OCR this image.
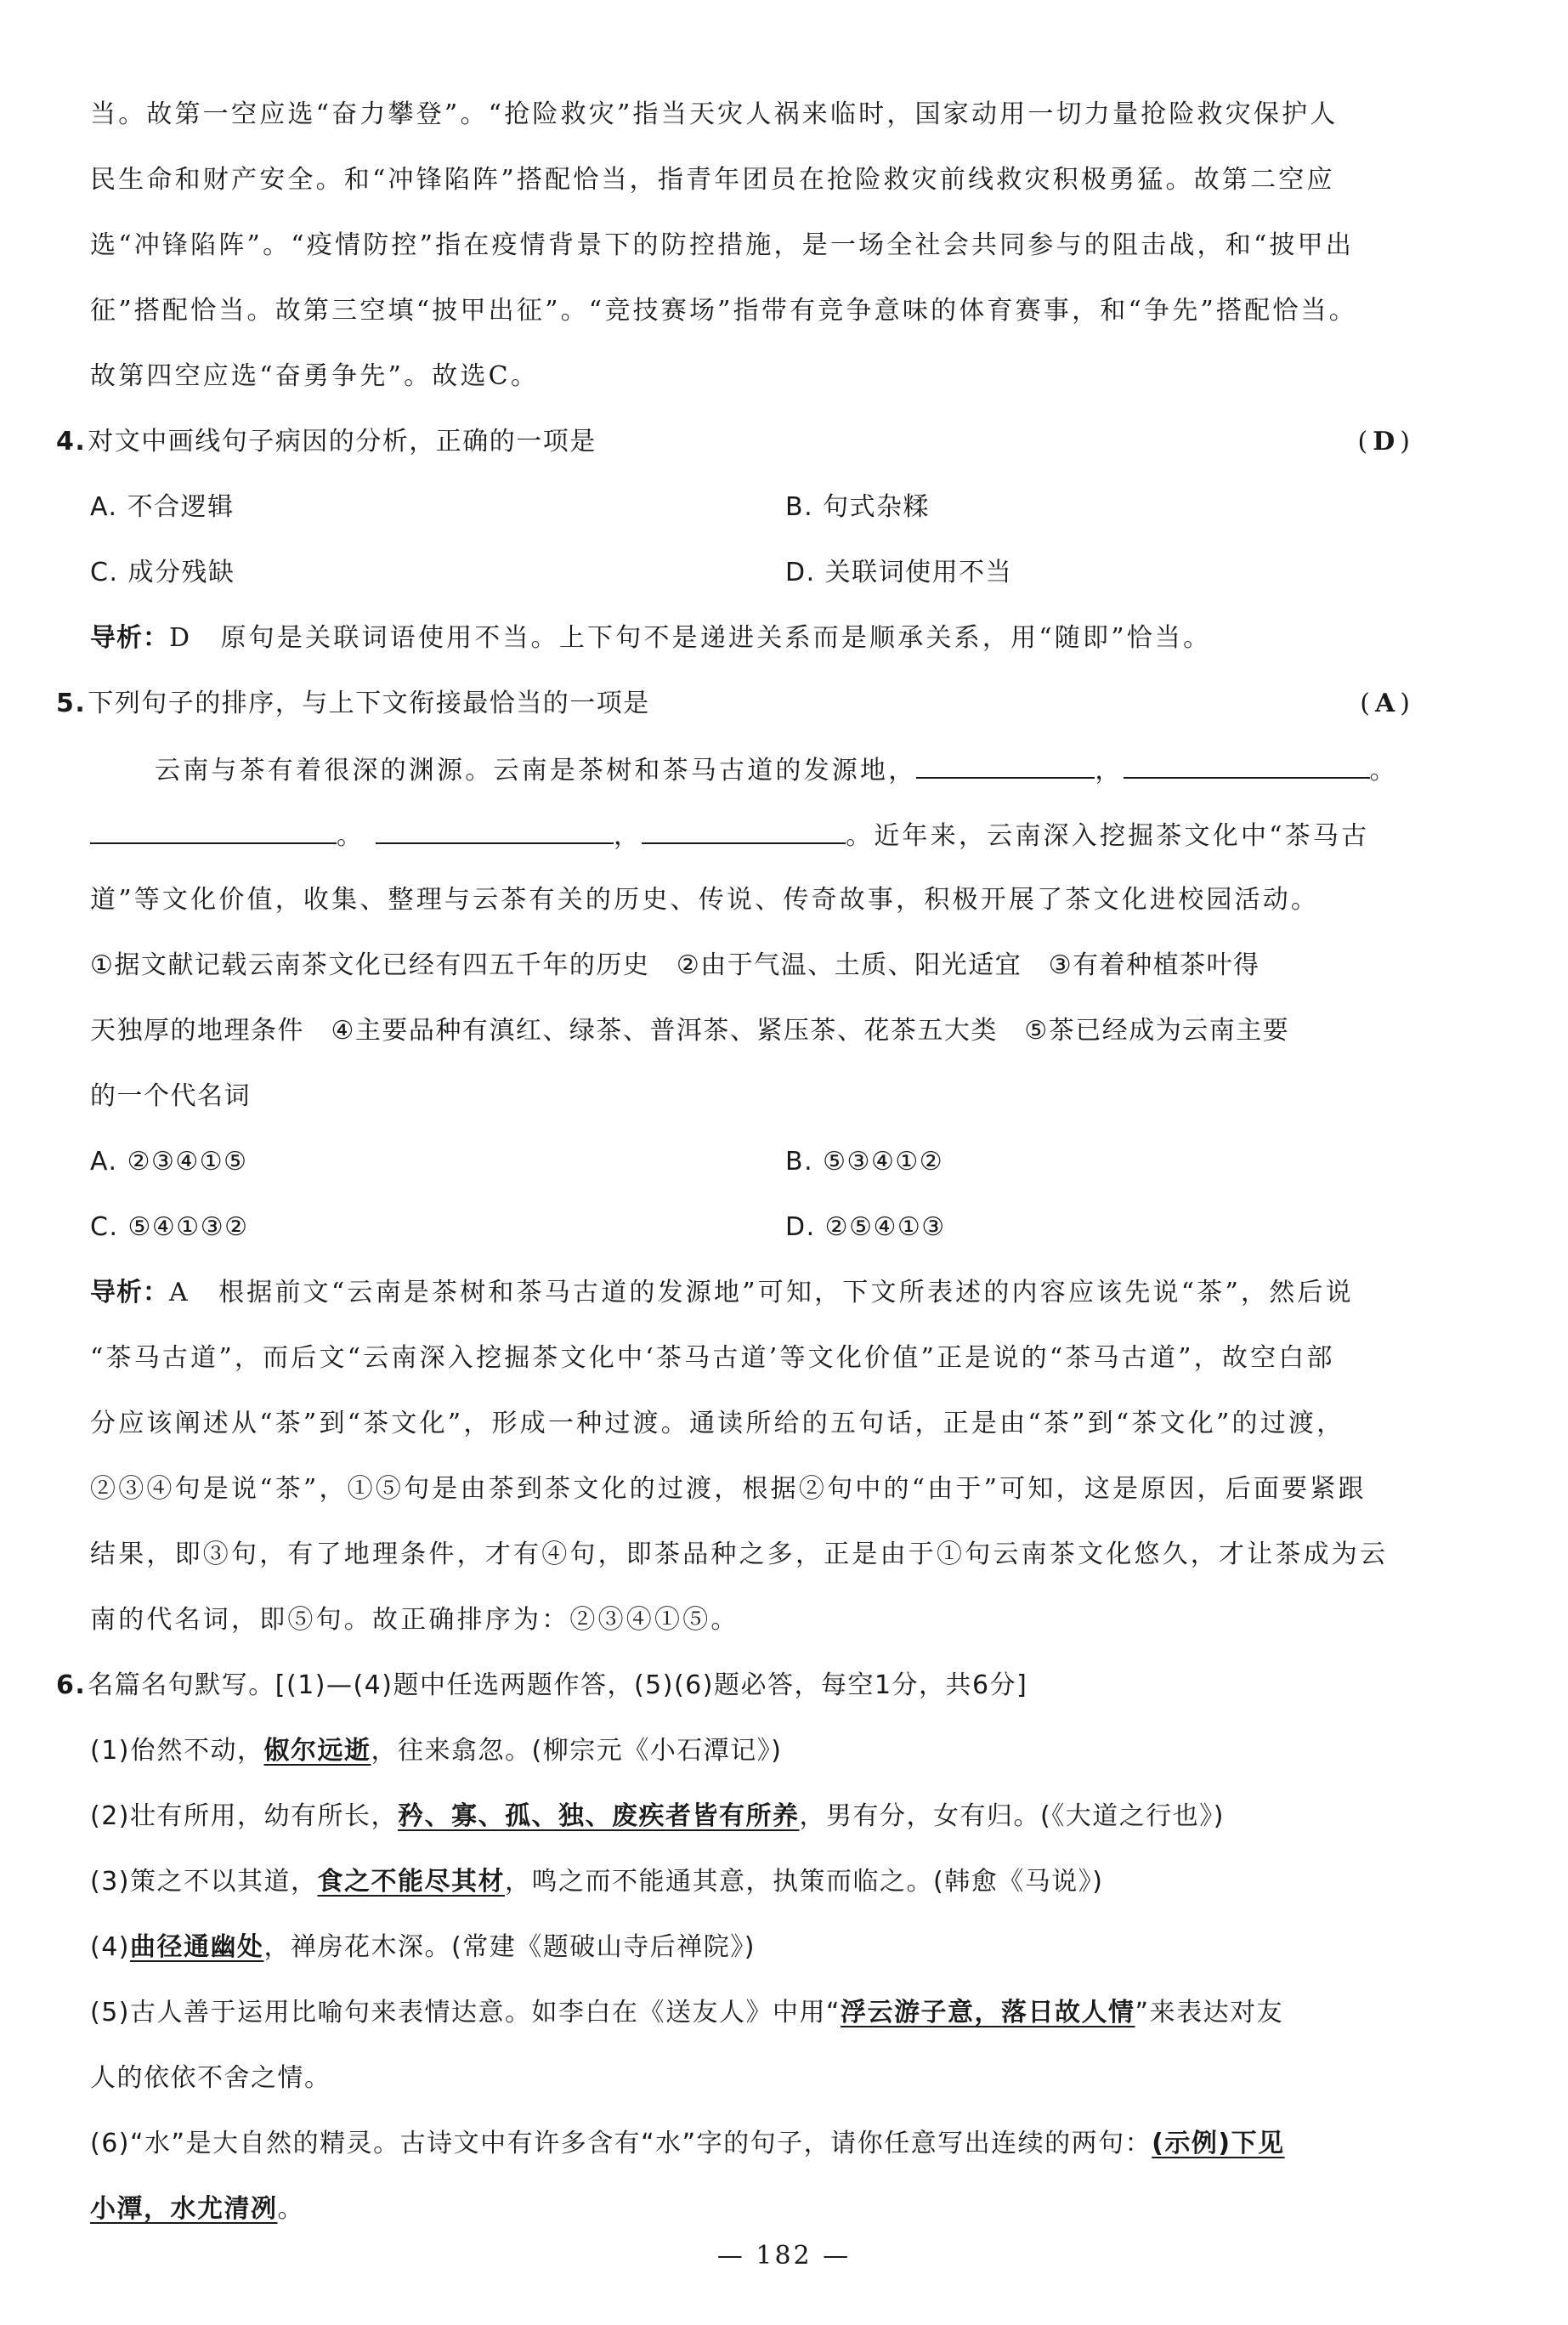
当。故第一空应选“奋力攀登”。“抢险救灾”指当天灾人祸来临时，国家动用一切力量抢险救灾保护人
民生命和财产安全。和“冲锋陷阵”搭配恰当，指青年团员在抢险救灾前线救灾积极勇猛。故第二空应
选“冲锋陷阵”。“疫情防控”指在疫情背景下的防控措施，是一场全社会共同参与的阻击战，和“披甲出
征”搭配恰当。故第三空填“披甲出征”。“竞技赛场”指带有竞争意味的体育赛事，和“争先”搭配恰当。
故第四空应选“奋勇争先”。故选C。
4.对文中画线句子病因的分析，正确的一项是	(D)
A. 不合逻辑	B. 句式杂糅
C. 成分残缺	D. 关联词使用不当
导析：D　原句是关联词语使用不当。上下句不是递进关系而是顺承关系，用“随即”恰当。
5.下列句子的排序，与上下文衔接最恰当的一项是	(A)
云南与茶有着很深的渊源。云南是茶树和茶马古道的发源地，	，	。
。	，	。近年来，云南深入挖掘茶文化中“茶马古
道”等文化价值，收集、整理与云茶有关的历史、传说、传奇故事，积极开展了茶文化进校园活动。
①据文献记载云南茶文化已经有四五千年的历史　②由于气温、土质、阳光适宜　③有着种植茶叶得
天独厚的地理条件　④主要品种有滇红、绿茶、普洱茶、紧压茶、花茶五大类　⑤茶已经成为云南主要
的一个代名词
A. ②③④①⑤	B. ⑤③④①②
C. ⑤④①③②	D. ②⑤④①③
导析：A　根据前文“云南是茶树和茶马古道的发源地”可知，下文所表述的内容应该先说“茶”，然后说
“茶马古道”，而后文“云南深入挖掘茶文化中‘茶马古道’等文化价值”正是说的“茶马古道”，故空白部
分应该阐述从“茶”到“茶文化”，形成一种过渡。通读所给的五句话，正是由“茶”到“茶文化”的过渡，
②③④句是说“茶”，①⑤句是由茶到茶文化的过渡，根据②句中的“由于”可知，这是原因，后面要紧跟
结果，即③句，有了地理条件，才有④句，即茶品种之多，正是由于①句云南茶文化悠久，才让茶成为云
南的代名词，即⑤句。故正确排序为：②③④①⑤。
6.名篇名句默写。[(1)—(4)题中任选两题作答，(5)(6)题必答，每空1分，共6分]
(1)佁然不动，俶尔远逝，往来翕忽。(柳宗元《小石潭记》)
(2)壮有所用，幼有所长，矜、寡、孤、独、废疾者皆有所养，男有分，女有归。(《大道之行也》)
(3)策之不以其道，食之不能尽其材，鸣之而不能通其意，执策而临之。(韩愈《马说》)
(4)曲径通幽处，禅房花木深。(常建《题破山寺后禅院》)
(5)古人善于运用比喻句来表情达意。如李白在《送友人》中用“浮云游子意，落日故人情”来表达对友
人的依依不舍之情。
(6)“水”是大自然的精灵。古诗文中有许多含有“水”字的句子，请你任意写出连续的两句：(示例)下见
小潭，水尤清冽。
— 182 —
